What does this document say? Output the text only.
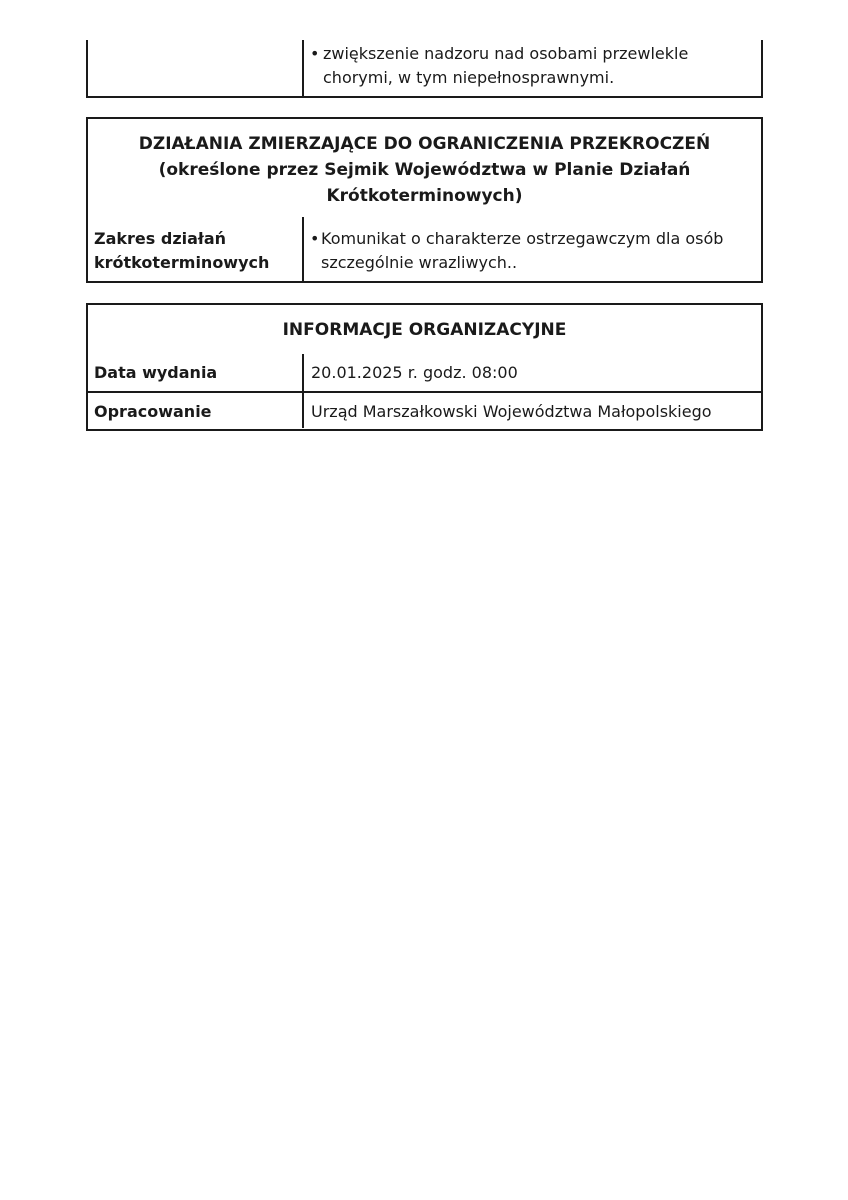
• zwiększenie nadzoru nad osobami przewlekle chorymi, w tym niepełnosprawnymi.
DZIAŁANIA ZMIERZAJĄCE DO OGRANICZENIA PRZEKROCZEŃ
(określone przez Sejmik Województwa w Planie Działań
Krótkoterminowych)
Zakres działań krótkoterminowych
• Komunikat o charakterze ostrzegawczym dla osób szczególnie wrazliwych..
INFORMACJE ORGANIZACYJNE
Data wydania	20.01.2025 r. godz. 08:00
Opracowanie	Urząd Marszałkowski Województwa Małopolskiego
